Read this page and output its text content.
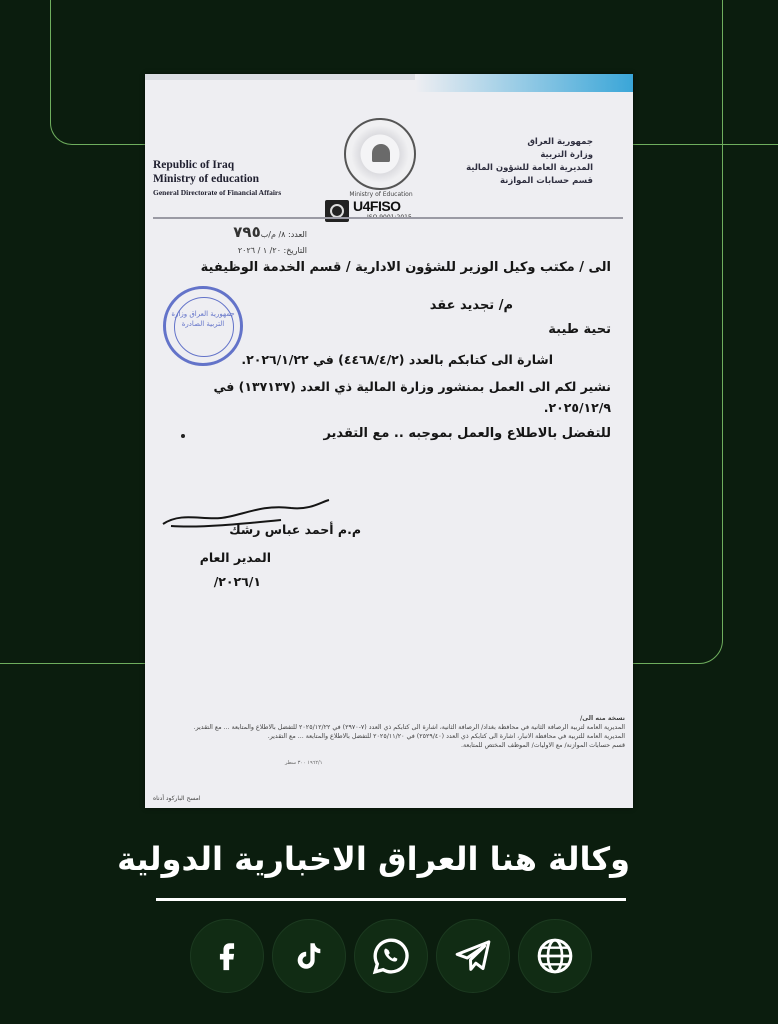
Republic of Iraq
Ministry of education
General Directorate of Financial Affairs	Ministry of Education
جمهورية العراق
وزارة التربية
المديرية العامة للشؤون المالية
قسم حسابات الموازنة
U4FISO
العدد: ٨/ م/ب٧٩٥
التاريخ: ٢٠/ ١ / ٢٠٢٦
الى / مكتب وكيل الوزير للشؤون الادارية / قسم الخدمة الوظيفية
م/ تجديد عقد
تحية طيبة
اشارة الى كتابكم بالعدد (٤٤٦٨/٤/٢) في ٢٠٢٦/١/٢٢.
نشير لكم الى العمل بمنشور وزارة المالية ذي العدد (١٣٧١٣٧) في
٢٠٢٥/١٢/٩.
للتفضل بالاطلاع والعمل بموجبه .. مع التقدير
جمهورية العراق وزارة التربية الصادرة
م.م أحمد عباس رشك
المدير العام
٢٠٢٦/١/
نسخة منه الى/
المديرية العامة لتربية الرصافة الثانية في محافظة بغداد/ الرصافة الثانية، اشارة الى كتابكم ذي العدد (٧-٢٩٧٠) في ٢٠٢٥/١٢/٢٢ للتفضل بالاطلاع والمتابعة ... مع التقدير.
المديرية العامة للتربية في محافظة الانبار، اشارة الى كتابكم ذي العدد (٢٥٢٩/٤٠) في ٢٠٢٥/١١/٢٠ للتفضل بالاطلاع والمتابعة ... مع التقدير.
قسم حسابات الموازنة/ مع الاوليات/ الموظف المختص للمتابعة.
١٩٦٢/١ ٣٠٠ سطر
امسح الباركود أدناه
وكالة هنا العراق الاخبارية الدولية
